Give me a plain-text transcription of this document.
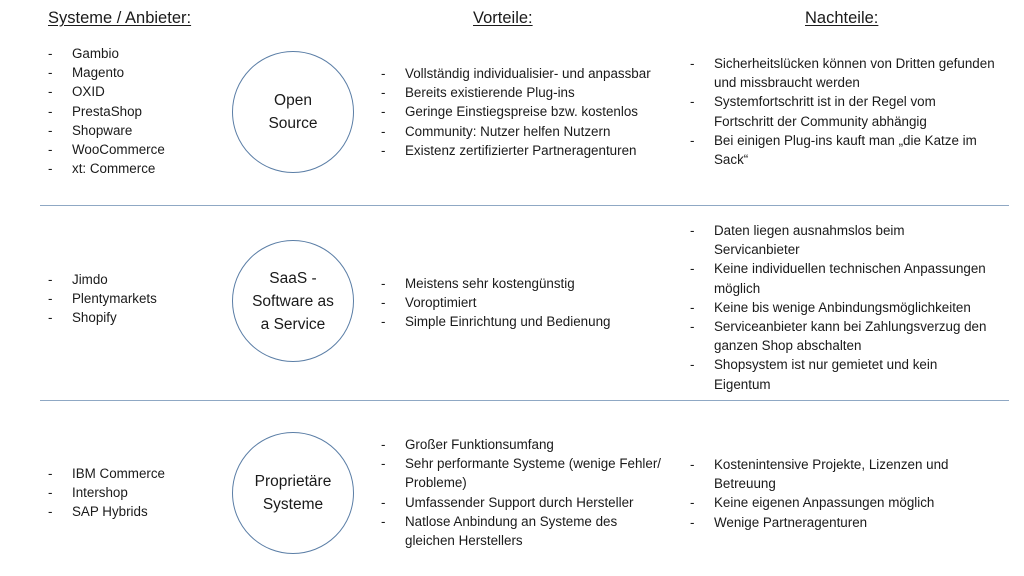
Systeme / Anbieter:	Vorteile:	Nachteile:
- Gambio
- Magento
- OXID
- PrestaShop
- Shopware
- WooCommerce
- xt: Commerce
Open
Source
- Vollständig individualisier- und anpassbar
- Bereits existierende Plug-ins
- Geringe Einstiegspreise bzw. kostenlos
- Community: Nutzer helfen Nutzern
- Existenz zertifizierter Partneragenturen
- Sicherheitslücken können von Dritten gefunden und missbraucht werden
- Systemfortschritt ist in der Regel vom Fortschritt der Community abhängig
- Bei einigen Plug-ins kauft man „die Katze im Sack“
- Jimdo
- Plentymarkets
- Shopify
SaaS -
Software as
a Service
- Meistens sehr kostengünstig
- Voroptimiert
- Simple Einrichtung und Bedienung
- Daten liegen ausnahmslos beim Servicanbieter
- Keine individuellen technischen Anpassungen möglich
- Keine bis wenige Anbindungsmöglichkeiten
- Serviceanbieter kann bei Zahlungsverzug den ganzen Shop abschalten
- Shopsystem ist nur gemietet und kein Eigentum
- IBM Commerce
- Intershop
- SAP Hybrids
Proprietäre
Systeme
- Großer Funktionsumfang
- Sehr performante Systeme (wenige Fehler/ Probleme)
- Umfassender Support durch Hersteller
- Natlose Anbindung an Systeme des gleichen Herstellers
- Kostenintensive Projekte, Lizenzen und Betreuung
- Keine eigenen Anpassungen möglich
- Wenige Partneragenturen
